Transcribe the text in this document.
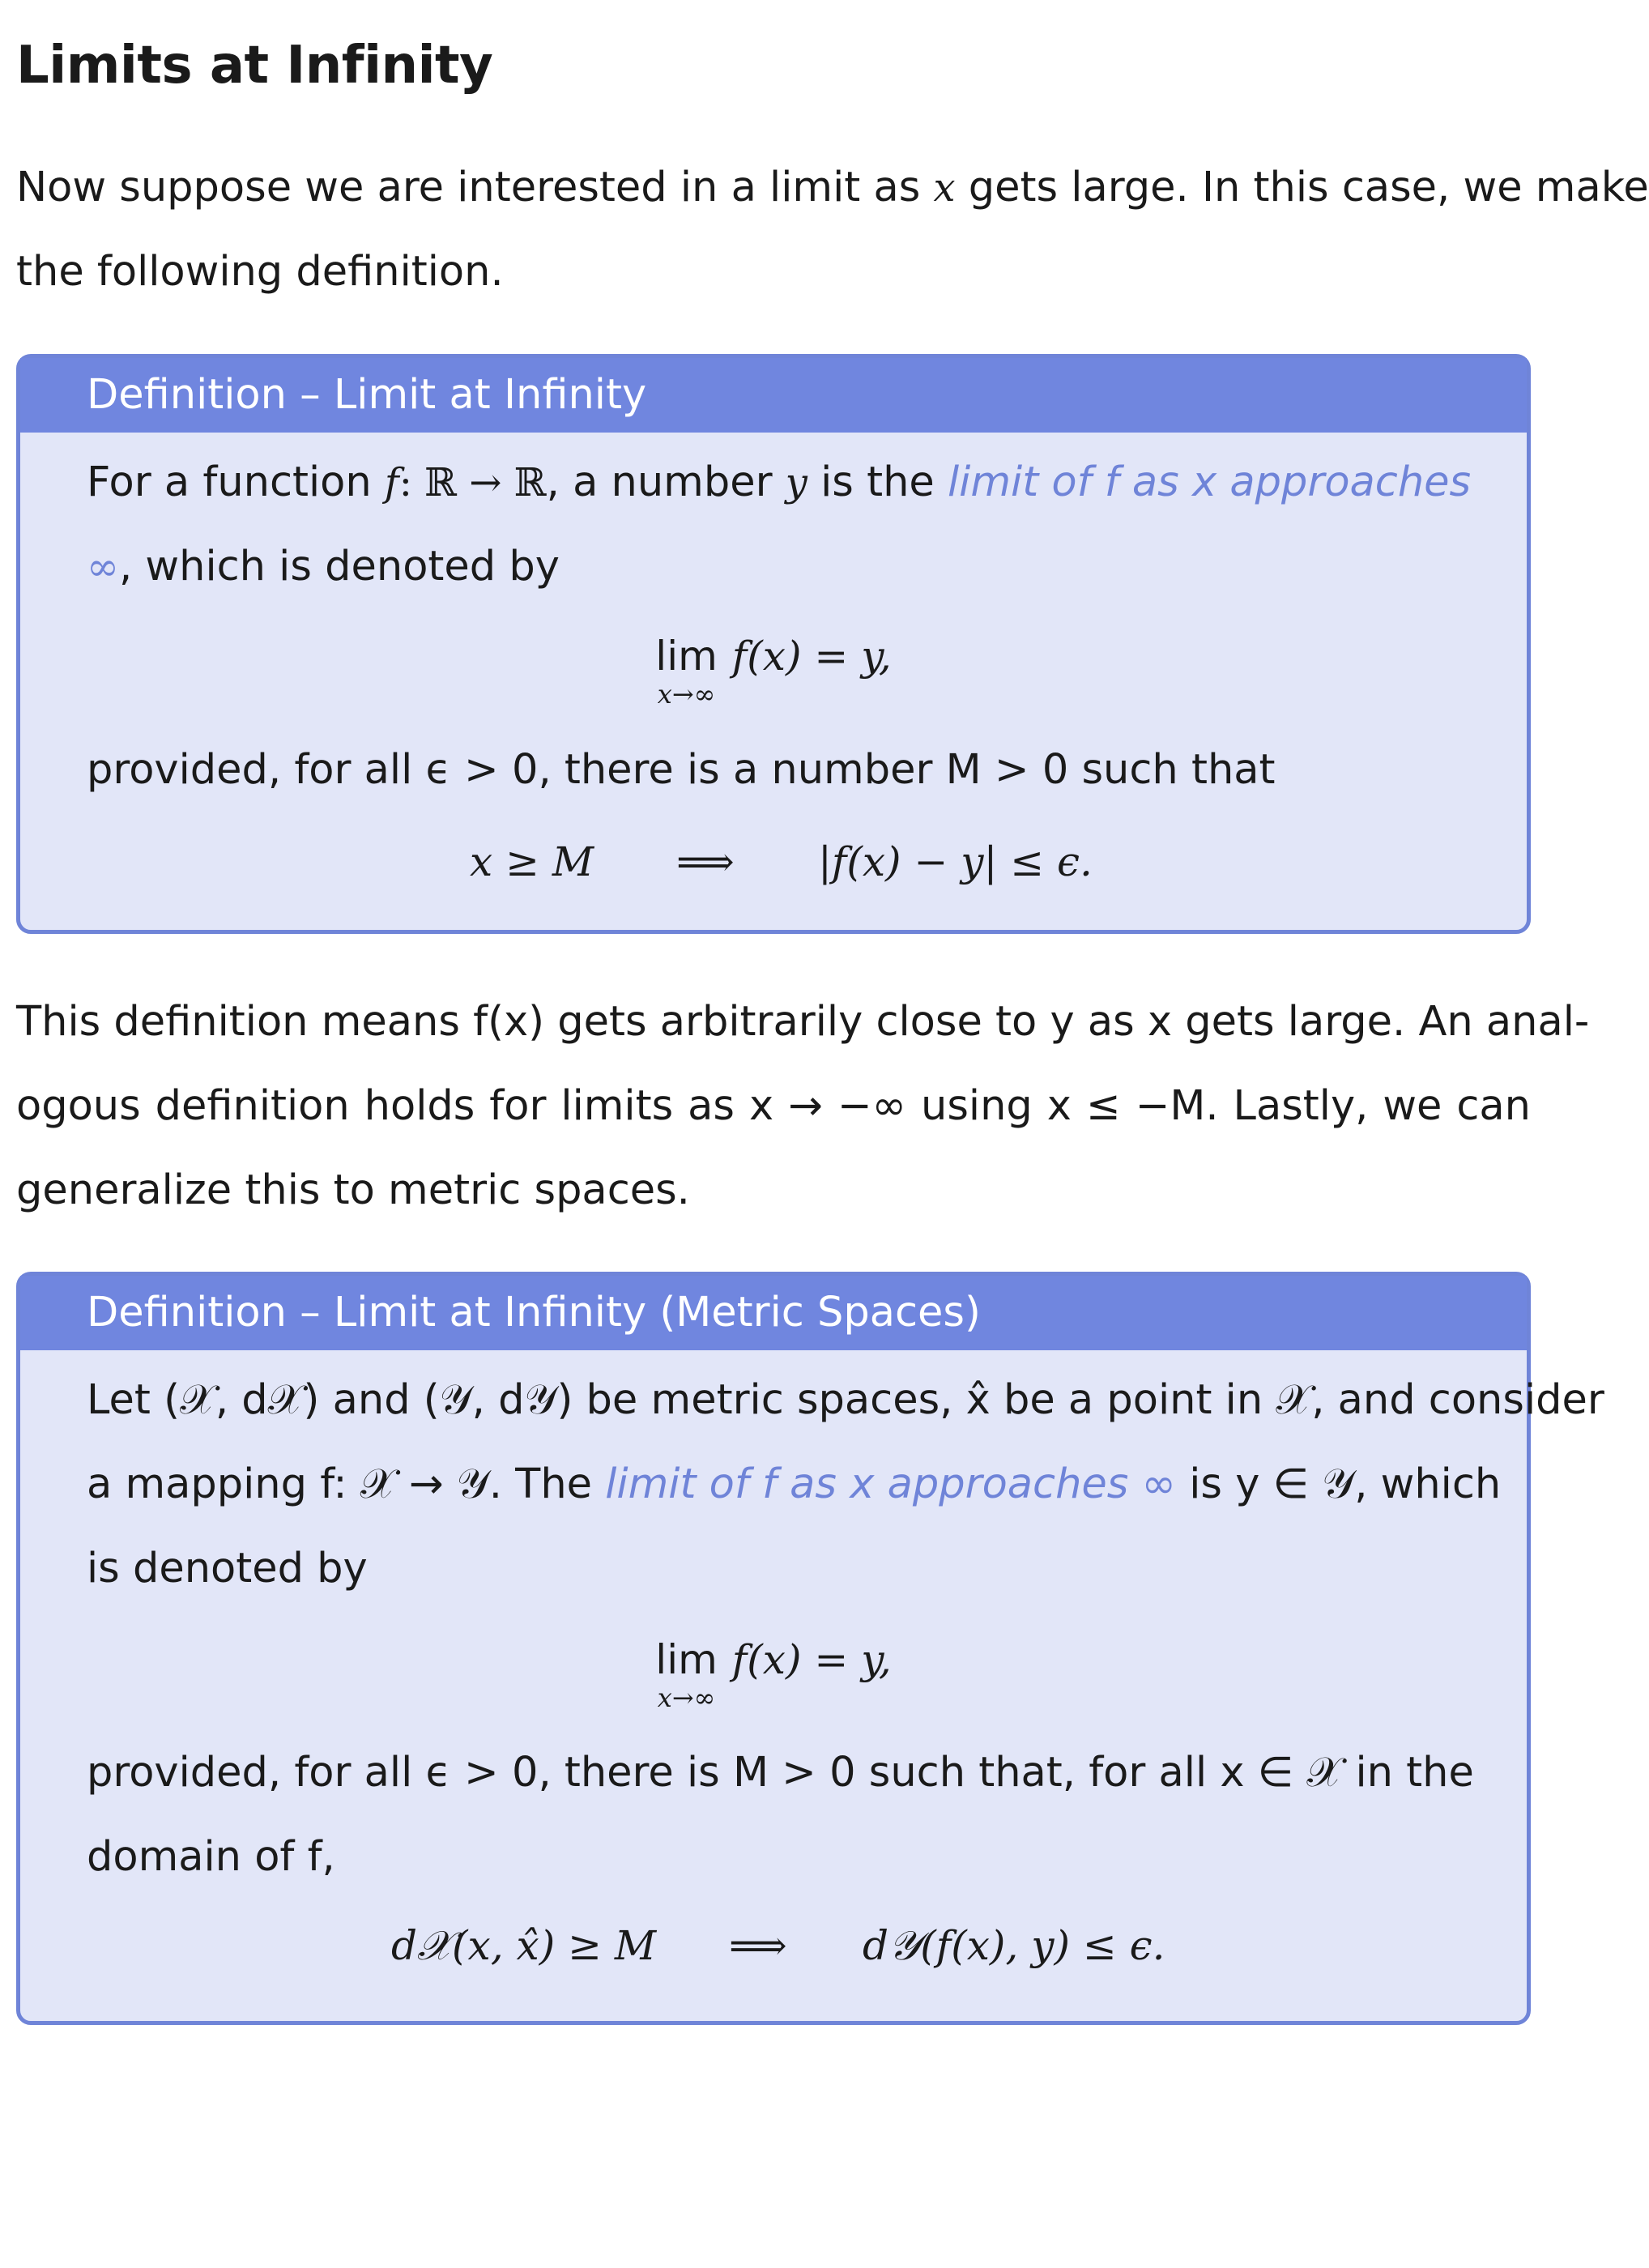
Limits at Infinity
Now suppose we are interested in a limit as x gets large. In this case, we make
the following definition.
Definition – Limit at Infinity
For a function f: ℝ → ℝ, a number y is the limit of f as x approaches
∞, which is denoted by
lim
x→∞
f(x) = y,
provided, for all ϵ > 0, there is a number M > 0 such that
x ≥ M ⟹ |f(x) − y| ≤ ϵ.
This definition means f(x) gets arbitrarily close to y as x gets large. An anal-
ogous definition holds for limits as x → −∞ using x ≤ −M. Lastly, we can
generalize this to metric spaces.
Definition – Limit at Infinity (Metric Spaces)
Let (𝒳, d𝒳) and (𝒴, d𝒴) be metric spaces, x̂ be a point in 𝒳, and consider
a mapping f: 𝒳 → 𝒴. The limit of f as x approaches ∞ is y ∈ 𝒴, which
is denoted by
lim
x→∞
f(x) = y,
provided, for all ϵ > 0, there is M > 0 such that, for all x ∈ 𝒳 in the
domain of f,
d𝒳(x, x̂) ≥ M ⟹ d𝒴(f(x), y) ≤ ϵ.
